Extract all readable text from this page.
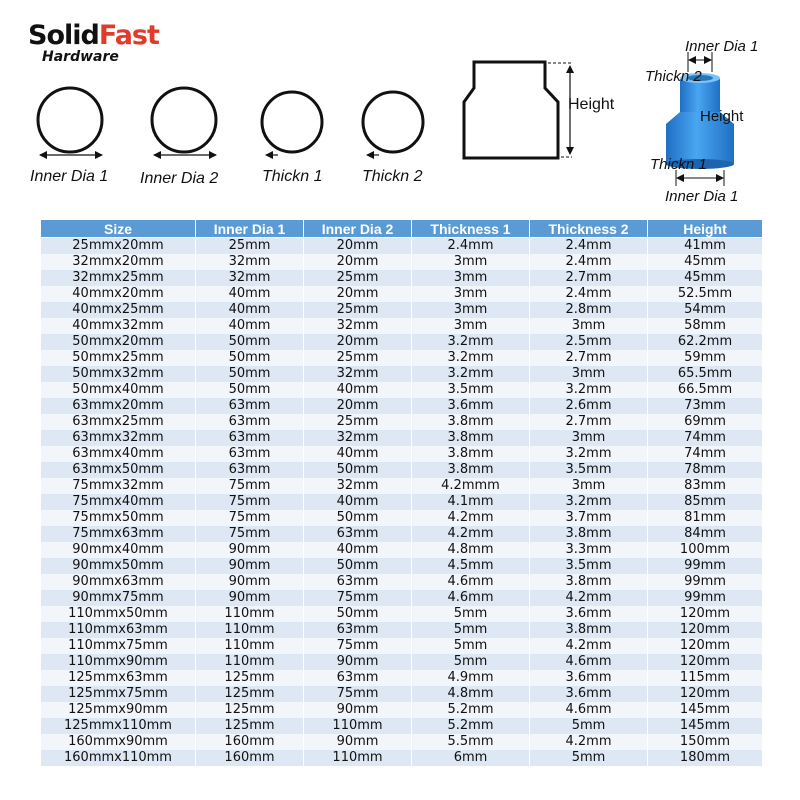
SolidFast
Hardware
Inner Dia 1 Inner Dia 2	Thickn 1 Thickn 2
Height
Inner Dia 1
Thickn 2
Height
Thickn 1
Inner Dia 1
Size	Inner Dia 1	Inner Dia 2	Thickness 1	Thickness 2	Height
25mmx20mm	25mm	20mm	2.4mm	2.4mm	41mm
32mmx20mm	32mm	20mm	3mm	2.4mm	45mm
32mmx25mm	32mm	25mm	3mm	2.7mm	45mm
40mmx20mm	40mm	20mm	3mm	2.4mm	52.5mm
40mmx25mm	40mm	25mm	3mm	2.8mm	54mm
40mmx32mm	40mm	32mm	3mm	3mm	58mm
50mmx20mm	50mm	20mm	3.2mm	2.5mm	62.2mm
50mmx25mm	50mm	25mm	3.2mm	2.7mm	59mm
50mmx32mm	50mm	32mm	3.2mm	3mm	65.5mm
50mmx40mm	50mm	40mm	3.5mm	3.2mm	66.5mm
63mmx20mm	63mm	20mm	3.6mm	2.6mm	73mm
63mmx25mm	63mm	25mm	3.8mm	2.7mm	69mm
63mmx32mm	63mm	32mm	3.8mm	3mm	74mm
63mmx40mm	63mm	40mm	3.8mm	3.2mm	74mm
63mmx50mm	63mm	50mm	3.8mm	3.5mm	78mm
75mmx32mm	75mm	32mm	4.2mmm	3mm	83mm
75mmx40mm	75mm	40mm	4.1mm	3.2mm	85mm
75mmx50mm	75mm	50mm	4.2mm	3.7mm	81mm
75mmx63mm	75mm	63mm	4.2mm	3.8mm	84mm
90mmx40mm	90mm	40mm	4.8mm	3.3mm	100mm
90mmx50mm	90mm	50mm	4.5mm	3.5mm	99mm
90mmx63mm	90mm	63mm	4.6mm	3.8mm	99mm
90mmx75mm	90mm	75mm	4.6mm	4.2mm	99mm
110mmx50mm	110mm	50mm	5mm	3.6mm	120mm
110mmx63mm	110mm	63mm	5mm	3.8mm	120mm
110mmx75mm	110mm	75mm	5mm	4.2mm	120mm
110mmx90mm	110mm	90mm	5mm	4.6mm	120mm
125mmx63mm	125mm	63mm	4.9mm	3.6mm	115mm
125mmx75mm	125mm	75mm	4.8mm	3.6mm	120mm
125mmx90mm	125mm	90mm	5.2mm	4.6mm	145mm
125mmx110mm	125mm	110mm	5.2mm	5mm	145mm
160mmx90mm	160mm	90mm	5.5mm	4.2mm	150mm
160mmx110mm	160mm	110mm	6mm	5mm	180mm
